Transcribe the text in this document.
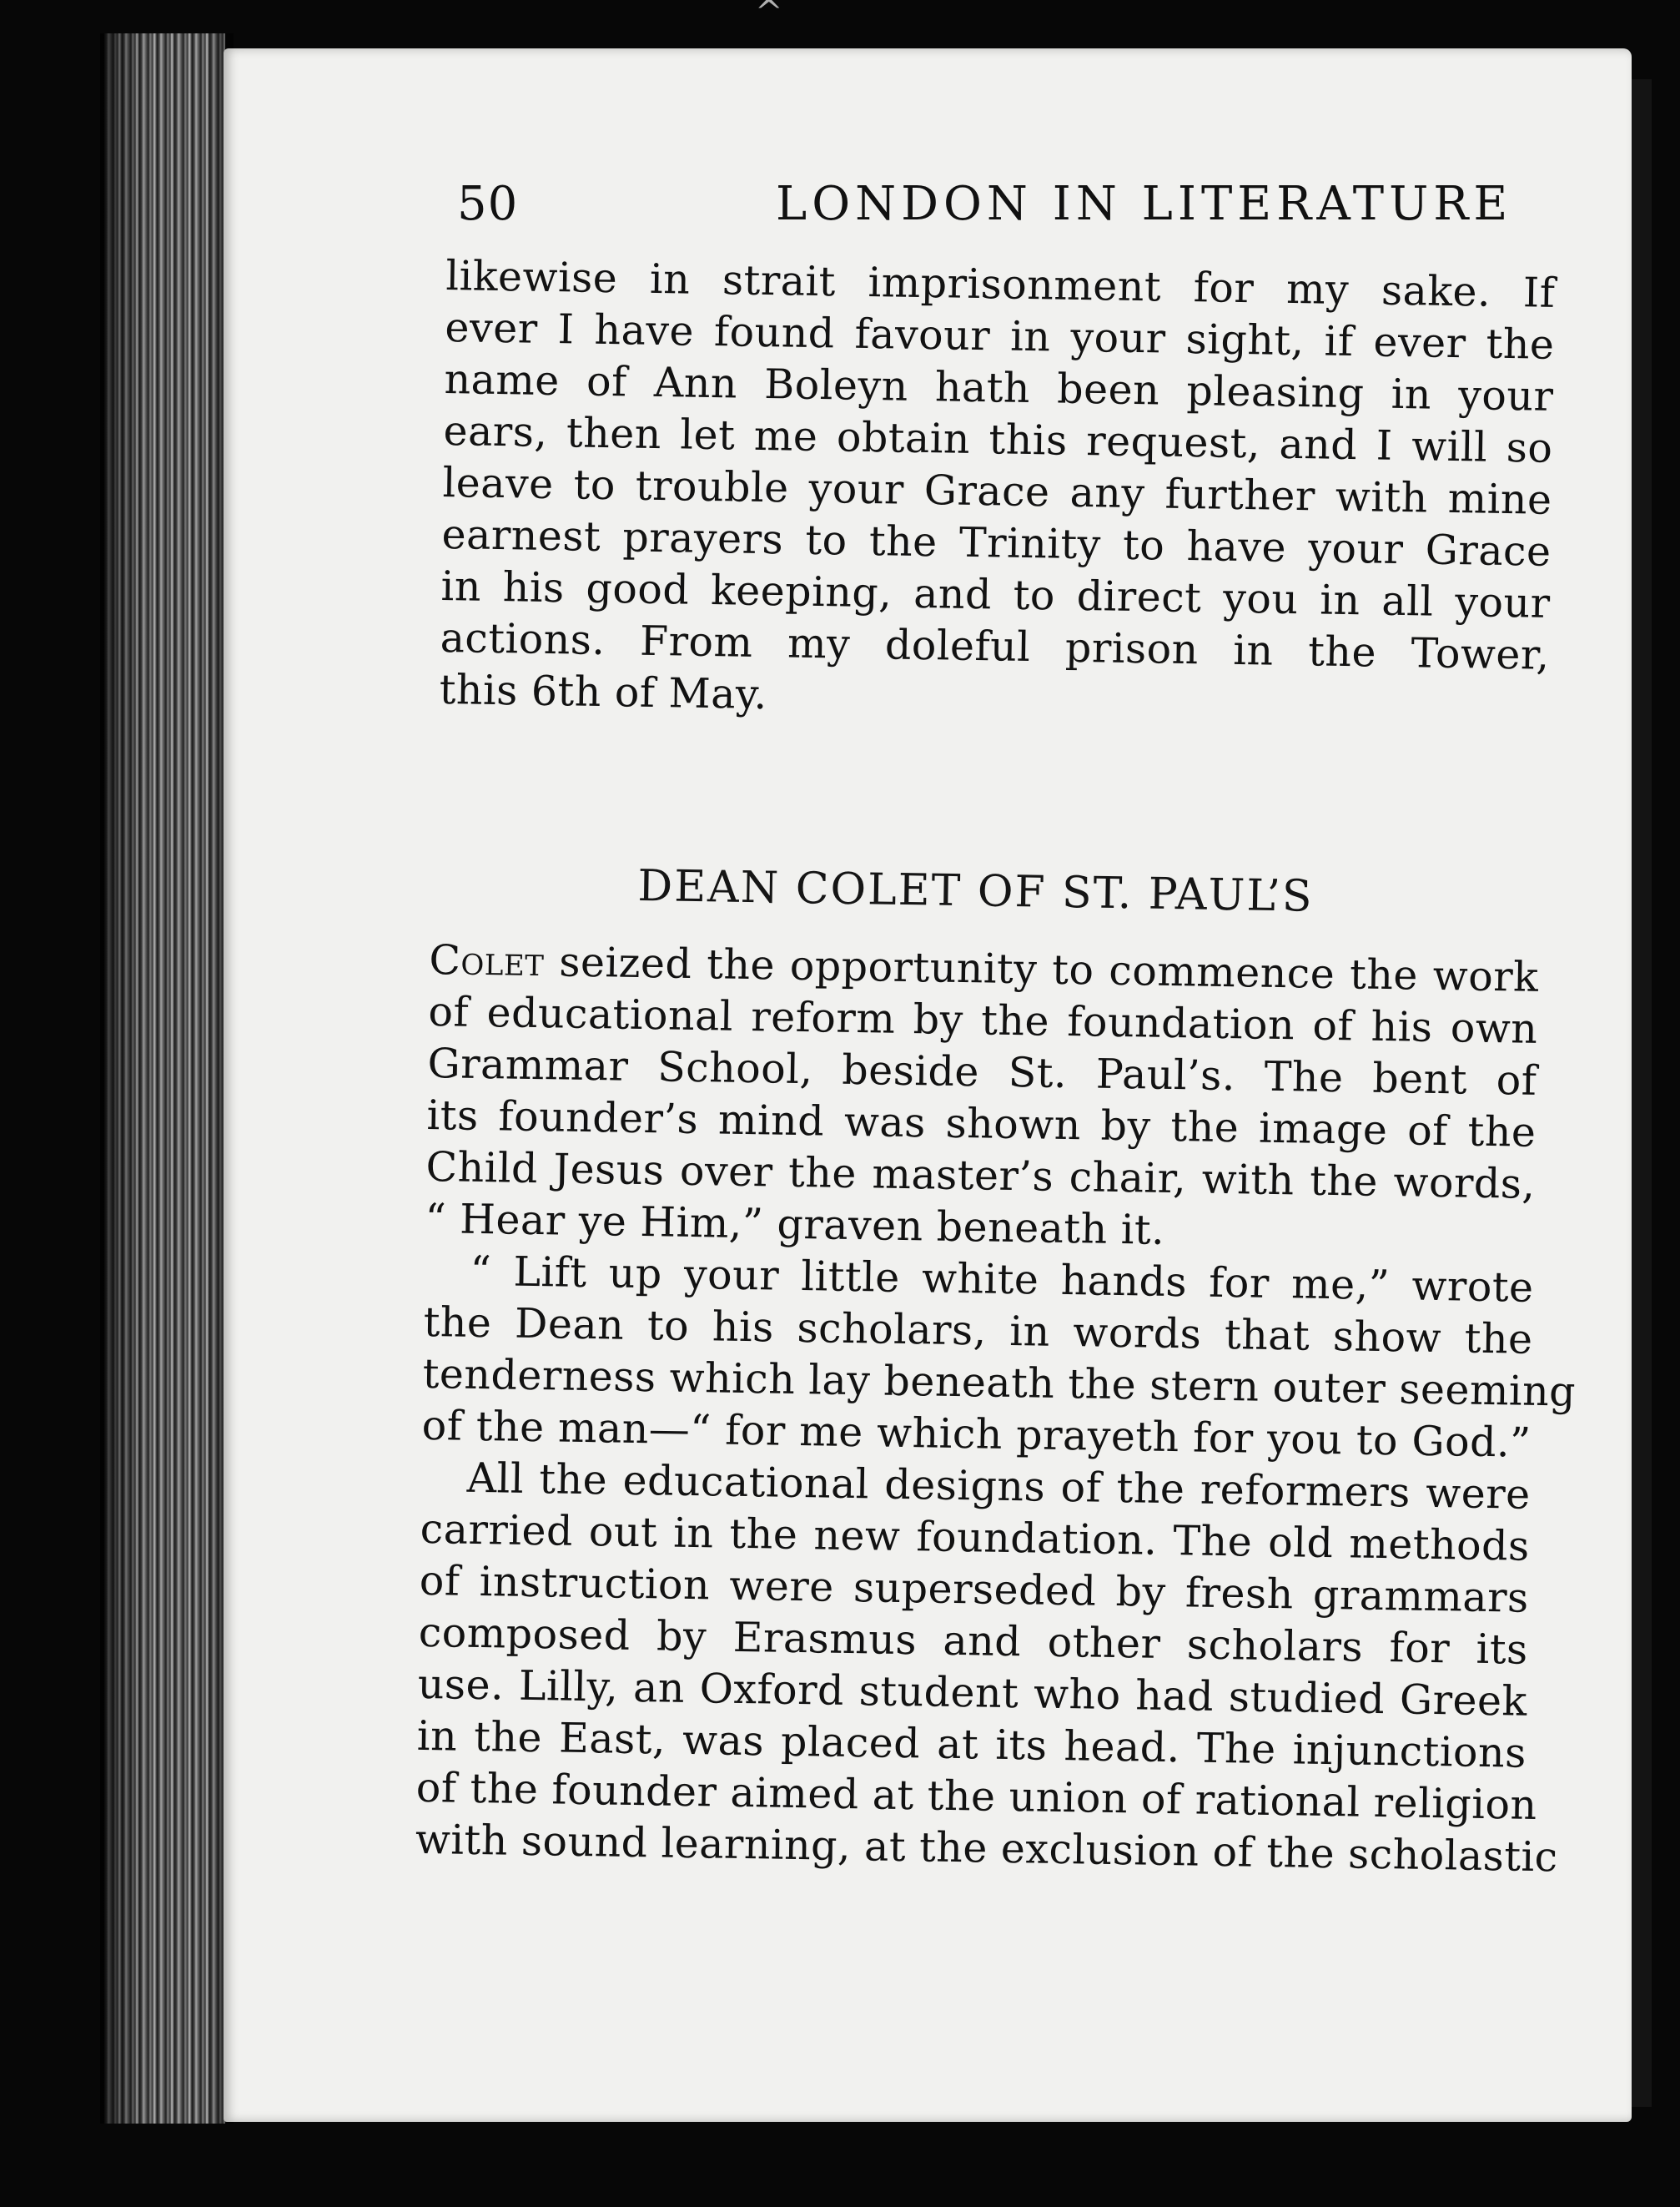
^
50	LONDON IN LITERATURE
likewise in strait imprisonment for my sake. If
ever I have found favour in your sight, if ever the
name of Ann Boleyn hath been pleasing in your
ears, then let me obtain this request, and I will so
leave to trouble your Grace any further with mine
earnest prayers to the Trinity to have your Grace
in his good keeping, and to direct you in all your
actions. From my doleful prison in the Tower,
this 6th of May.
DEAN COLET OF ST. PAUL’S
Colet seized the opportunity to commence the work
of educational reform by the foundation of his own
Grammar School, beside St. Paul’s. The bent of
its founder’s mind was shown by the image of the
Child Jesus over the master’s chair, with the words,
“ Hear ye Him,” graven beneath it.
“ Lift up your little white hands for me,” wrote
the Dean to his scholars, in words that show the
tenderness which lay beneath the stern outer seeming
of the man—“ for me which prayeth for you to God.”
All the educational designs of the reformers were
carried out in the new foundation. The old methods
of instruction were superseded by fresh grammars
composed by Erasmus and other scholars for its
use. Lilly, an Oxford student who had studied Greek
in the East, was placed at its head. The injunctions
of the founder aimed at the union of rational religion
with sound learning, at the exclusion of the scholastic
